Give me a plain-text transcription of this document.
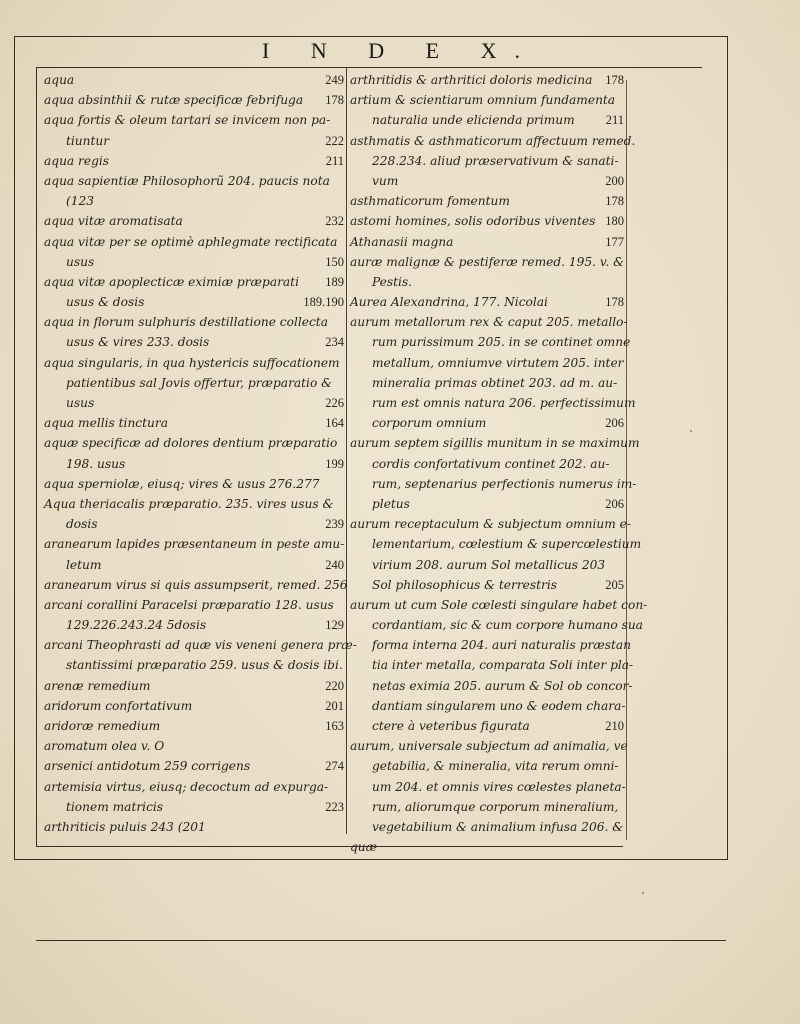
I N D E X.
aqua	249
aqua absinthii & rutæ specificæ febrifuga 178
aqua fortis & oleum tartari se invicem non pa-
tiuntur	222
aqua regis	211
aqua sapientiæ Philosophorũ 204. paucis nota
(123
aqua vitæ aromatisata	232
aqua vitæ per se optimè aphlegmate rectificata
usus	150
aqua vitæ apoplecticæ eximiæ præparati 189
usus & dosis	189.190
aqua in florum sulphuris destillatione collecta
usus & vires 233. dosis	234
aqua singularis, in qua hystericis suffocationem
patientibus sal Jovis offertur, præparatio &
usus	226
aqua mellis tinctura	164
aquæ specificæ ad dolores dentium præparatio
198. usus	199
aqua sperniolæ, eiusq; vires & usus 276.277
Aqua theriacalis præparatio. 235. vires usus &
dosis	239
aranearum lapides præsentaneum in peste amu-
letum	240
aranearum virus si quis assumpserit, remed. 256
arcani corallini Paracelsi præparatio 128. usus
129.226.243.24 5dosis	129
arcani Theophrasti ad quæ vis veneni genera præ-
stantissimi præparatio 259. usus & dosis ibi.
arenæ remedium	220
aridorum confortativum	201
aridoræ remedium	163
aromatum olea v. O
arsenici antidotum 259 corrigens	274
artemisia virtus, eiusq; decoctum ad expurga-
tionem matricis	223
arthriticis puluis 243 (201
arthritidis & arthritici doloris medicina 178
artium & scientiarum omnium fundamenta
naturalia unde elicienda primum 211
asthmatis & asthmaticorum affectuum remed.
228.234. aliud præservativum & sanati-
vum	200
asthmaticorum fomentum	178
astomi homines, solis odoribus viventes 180
Athanasii magna	177
auræ malignæ & pestiferæ remed. 195. v. &
Pestis.
Aurea Alexandrina, 177. Nicolai	178
aurum metallorum rex & caput 205. metallo-
rum purissimum 205. in se continet omne
metallum, omniumve virtutem 205. inter
mineralia primas obtinet 203. ad m. au-
rum est omnis natura 206. perfectissimum
corporum omnium	206
aurum septem sigillis munitum in se maximum
cordis confortativum continet 202. au-
rum, septenarius perfectionis numerus im-
pletus	206
aurum receptaculum & subjectum omnium e-
lementarium, cœlestium & supercœlestium
virium 208. aurum Sol metallicus 203
Sol philosophicus & terrestris	205
aurum ut cum Sole cœlesti singulare habet con-
cordantiam, sic & cum corpore humano sua
forma interna 204. auri naturalis præstan
tia inter metalla, comparata Soli inter pla-
netas eximia 205. aurum & Sol ob concor-
dantiam singularem uno & eodem chara-
ctere à veteribus figurata	210
aurum, universale subjectum ad animalia, ve
getabilia, & mineralia, vita rerum omni-
um 204. et omnis vires cœlestes planeta-
rum, aliorumque corporum mineralium,
vegetabilium & animalium infusa 206. &
quæ
